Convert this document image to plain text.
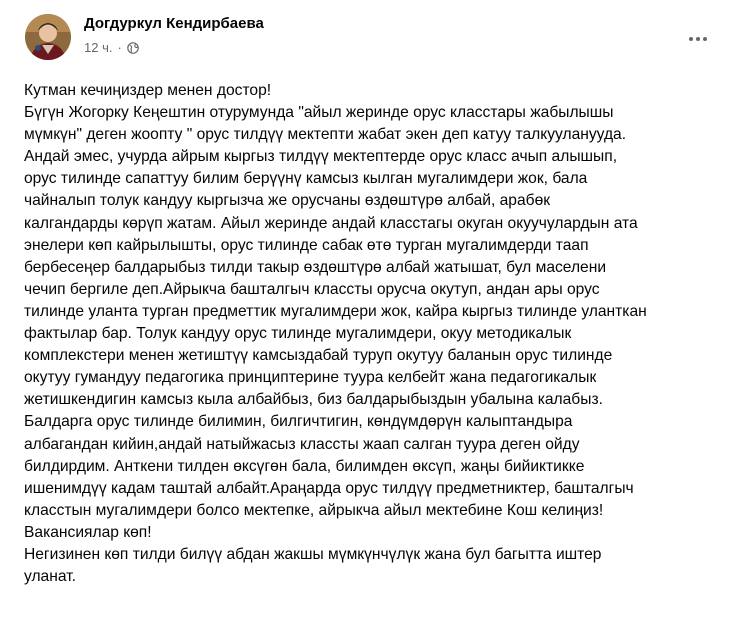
Догдуркул Кендирбаева
12 ч. ·
Кутман кечиңиздер менен достор!
Бүгүн Жогорку Кеңештин отурумунда "айыл жеринде орус класстары жабылышы
мүмкүн" деген жоопту " орус тилдүү мектепти жабат экен деп катуу талкууланууда.
Андай эмес, учурда айрым кыргыз тилдүү мектептерде орус класс ачып алышып,
орус тилинде сапаттуу билим берүүнү камсыз кылган мугалимдери жок, бала
чайналып толук кандуу кыргызча же орусчаны өздөштүрө албай, арабөк
калгандарды көрүп жатам. Айыл жеринде андай класстагы окуган окуучулардын ата
энелери көп кайрылышты, орус тилинде сабак өтө турган мугалимдерди таап
бербесеңер балдарыбыз тилди такыр өздөштүрө албай жатышат, бул маселени
чечип бергиле деп.Айрыкча башталгыч классты орусча окутуп, андан ары орус
тилинде уланта турган предметтик мугалимдери жок, кайра кыргыз тилинде уланткан
фактылар бар. Толук кандуу орус тилинде мугалимдери, окуу методикалык
комплекстери менен жетиштүү камсыздабай туруп окутуу баланын орус тилинде
окутуу гумандуу педагогика принциптерине туура келбейт жана педагогикалык
жетишкендигин камсыз кыла албайбыз, биз балдарыбыздын убалына калабыз.
Балдарга орус тилинде билимин, билгичтигин, көндүмдөрүн калыптандыра
албагандан кийин,андай натыйжасыз классты жаап салган туура деген ойду
билдирдим. Анткени тилден өксүгөн бала, билимден өксүп, жаңы бийиктикке
ишенимдүү кадам таштай албайт.Араңарда орус тилдүү предметниктер, башталгыч
класстын мугалимдери болсо мектепке, айрыкча айыл мектебине Кош келиңиз!
Вакансиялар көп!
Негизинен көп тилди билүү абдан жакшы мүмкүнчүлүк жана бул багытта иштер
уланат.
